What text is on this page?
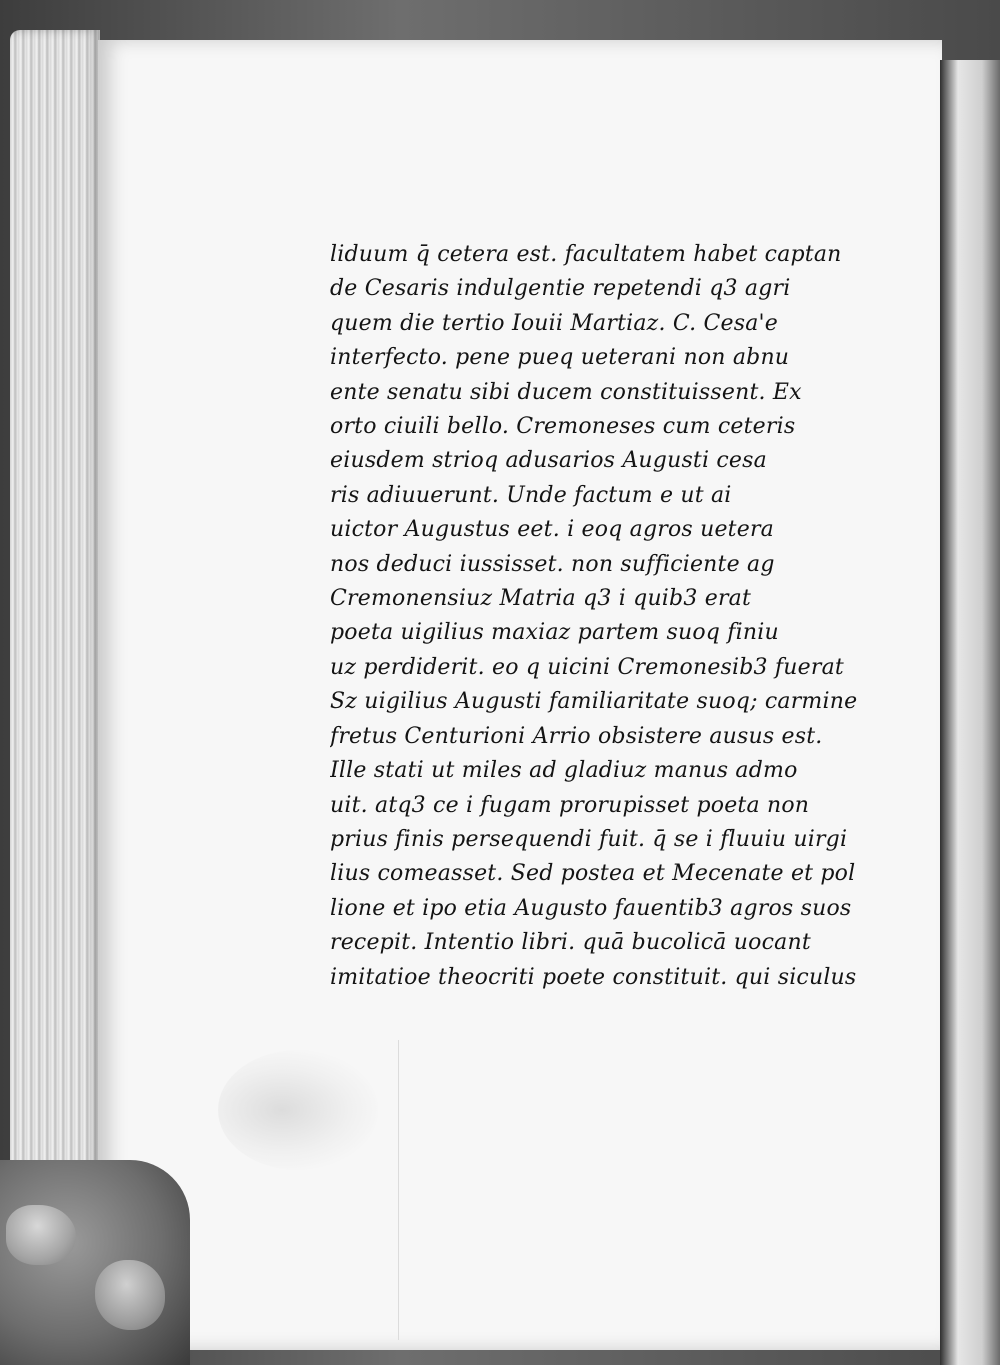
liduum q̄ cetera est. facultatem habet captan
de Cesaris indulgentie repetendi q3 agri
quem die tertio Iouii Martiaz. C. Cesa'e
interfecto. pene pueq ueterani non abnu
ente senatu sibi ducem constituissent. Ex
orto ciuili bello. Cremoneses cum ceteris
eiusdem strioq adusarios Augusti cesa
ris adiuuerunt. Unde factum e ut ai
uictor Augustus eet. i eoq agros uetera
nos deduci iussisset. non sufficiente ag
Cremonensiuz Matria q3 i quib3 erat
poeta uigilius maxiaz partem suoq finiu
uz perdiderit. eo q uicini Cremonesib3 fuerat
Sz uigilius Augusti familiaritate suoq; carmine
fretus Centurioni Arrio obsistere ausus est.
Ille stati ut miles ad gladiuz manus admo
uit. atq3 ce i fugam prorupisset poeta non
prius finis persequendi fuit. q̄ se i fluuiu uirgi
lius comeasset. Sed postea et Mecenate et pol
lione et ipo etia Augusto fauentib3 agros suos
recepit. Intentio libri. quā bucolicā uocant
imitatioe theocriti poete constituit. qui siculus
